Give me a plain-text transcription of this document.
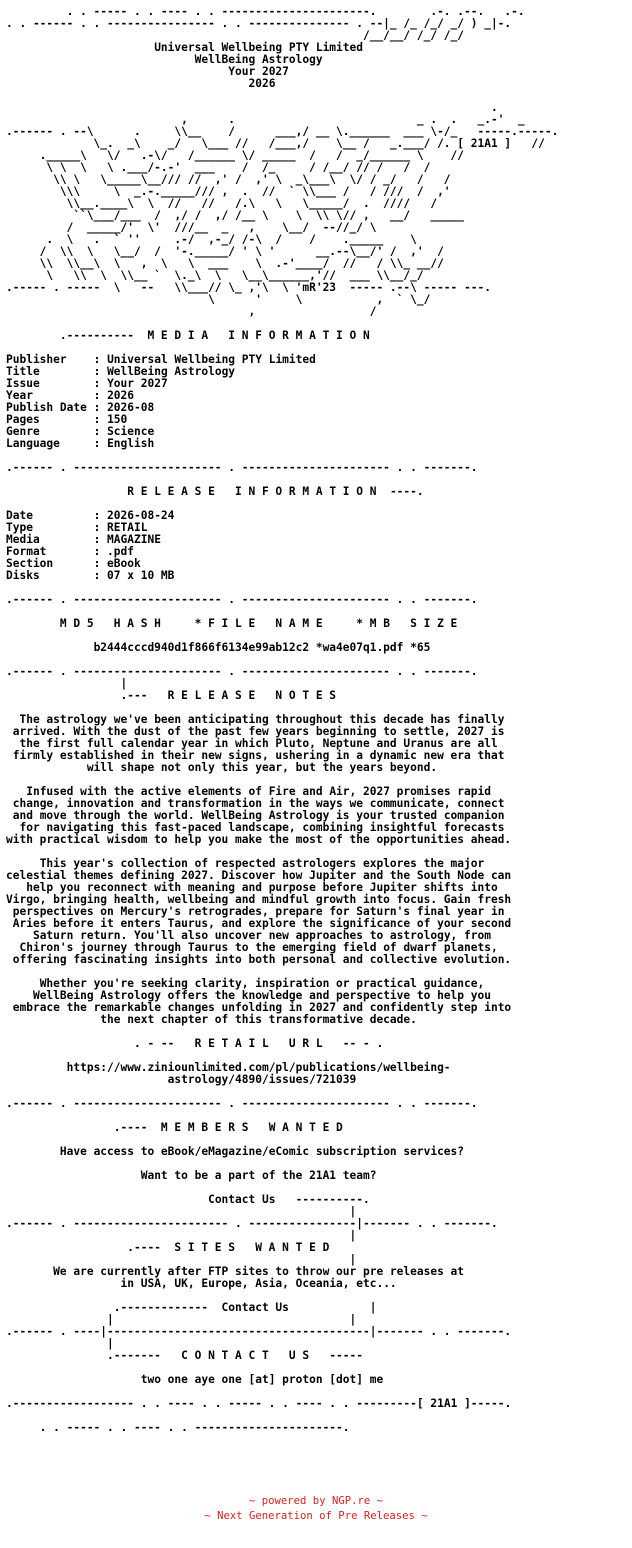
. . ----- . . ---- . . ----------------------.        .-. .--.   .-.
. . ------ . . ---------------- . . --------------- . --|_ /_ /_/ _/ ) _|-.
/__/__/ /_/ /_/
Universal Wellbeing PTY Limited
WellBeing Astrology
Your 2027
2026

.
,      .                           _ .  .   _.-'  _
.------ . --\      .     \\__    /      ___,/ __ \.______  ___ \-/_   -----.-----.
\_.  _\    _/   \___ //   /___,/    \__ /   _.___/ /. [ 21A1 ]   //
._____\   \/   .-\/   /______ \/ _____  /   /  _/______ \    //
\ \  \   \ .___/-.-'  ___    /  /_     / /__/ // /   /  /
\\ \   \_____\__/// //  ,' /  ,' \  _\___\  \/ / _/   /   /
\\\     \  _.-._____/// ,  .  //  ` \\___ /   / ///  /  ,'
\\__.____\  \  //   //   /.\   \   \_____/  .  ////   /
``\___/___  /  ,/ /  ,/ /__ \    \  \\ \// ,   __/   _____
/  _____/'  \'  ///__  _   ,    \__/  --//_/ \
.  \   .  ` ''     .-/  ,-_/ /-\  /    /    ._____    \
/  \\  \   \__/  /  '-._____/ ' \ '      __.--\__/' /  ,'  /
\\  \\__\  \   ,  \   \  ___    \  .-'____/  //   / \\_ __//
\   \\  \  \\__ `  \._\  \   \__\______,'//  ___ \\__/_/
.----- . -----  \   --   \\___// \_ ,'\  \ 'mR'23  ----- .--\ ----- ---.
\      '     \           ,  ` \_/
,                 /

.----------  M E D I A   I N F O R M A T I O N

Publisher : Universal Wellbeing PTY Limited
Title	: WellBeing Astrology
Issue	: Your 2027
Year	: 2026
Publish Date : 2026-08
Pages	: 150
Genre	: Science
Language	: English

.------ . ---------------------- . ---------------------- . . -------.

R E L E A S E   I N F O R M A T I O N  ----.

Date         : 2026-08-24
Type         : RETAIL
Media        : MAGAZINE
Format       : .pdf
Section      : eBook
Disks        : 07 x 10 MB

.------ . ---------------------- . ---------------------- . . -------.

M D 5   H A S H     * F I L E   N A M E     * M B   S I Z E

b2444cccd940d1f866f6134e99ab12c2 *wa4e07q1.pdf *65

.------ . ---------------------- . ---------------------- . . -------.
|
.---   R E L E A S E   N O T E S

The astrology we've been anticipating throughout this decade has finally
arrived. With the dust of the past few years beginning to settle, 2027 is
the first full calendar year in which Pluto, Neptune and Uranus are all
firmly established in their new signs, ushering in a dynamic new era that
will shape not only this year, but the years beyond.

Infused with the active elements of Fire and Air, 2027 promises rapid
change, innovation and transformation in the ways we communicate, connect
and move through the world. WellBeing Astrology is your trusted companion
for navigating this fast-paced landscape, combining insightful forecasts
with practical wisdom to help you make the most of the opportunities ahead.

This year's collection of respected astrologers explores the major
celestial themes defining 2027. Discover how Jupiter and the South Node can
help you reconnect with meaning and purpose before Jupiter shifts into
Virgo, bringing health, wellbeing and mindful growth into focus. Gain fresh
perspectives on Mercury's retrogrades, prepare for Saturn's final year in
Aries before it enters Taurus, and explore the significance of your second
Saturn return. You'll also uncover new approaches to astrology, from
Chiron's journey through Taurus to the emerging field of dwarf planets,
offering fascinating insights into both personal and collective evolution.

Whether you're seeking clarity, inspiration or practical guidance,
WellBeing Astrology offers the knowledge and perspective to help you
embrace the remarkable changes unfolding in 2027 and confidently step into
the next chapter of this transformative decade.

. - --   R E T A I L   U R L   -- - .

https://www.ziniounlimited.com/pl/publications/wellbeing-
astrology/4890/issues/721039

.------ . ---------------------- . ---------------------- . . -------.

.----  M E M B E R S   W A N T E D

Have access to eBook/eMagazine/eComic subscription services?

Want to be a part of the 21A1 team?

Contact Us   ----------.
|
.------ . ----------------------- . ----------------|------- . . -------.
|
.----  S I T E S   W A N T E D
|
We are currently after FTP sites to throw our pre releases at
in USA, UK, Europe, Asia, Oceania, etc...

.-------------  Contact Us            |
|                                   |
.------ . ----|---------------------------------------|------- . . -------.
|
.-------   C O N T A C T   U S   -----

two one aye one [at] proton [dot] me

.------------------ . . ---- . . ----- . . ---- . . ---------[ 21A1 ]-----.

. . ----- . . ---- . . ----------------------.

~ powered by NGP.re ~
~ Next Generation of Pre Releases ~
